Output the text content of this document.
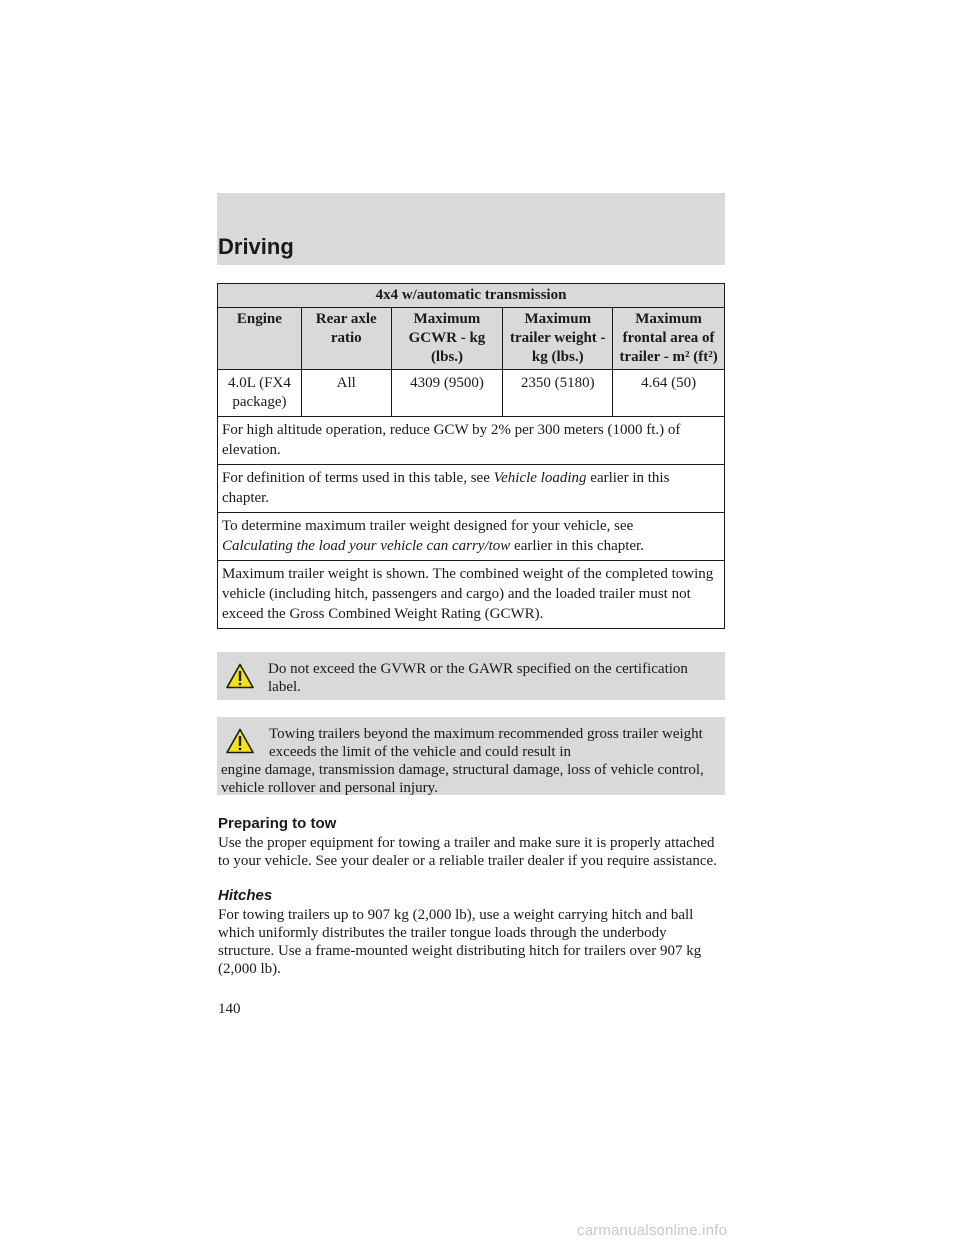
Driving
4x4 w/automatic transmission				
Engine	Rear axle ratio	Maximum GCWR - kg (lbs.)	Maximum trailer weight - kg (lbs.)	Maximum frontal area of trailer - m² (ft²)
4.0L (FX4 package)	All	4309 (9500)	2350 (5180)	4.64 (50)
For high altitude operation, reduce GCW by 2% per 300 meters (1000 ft.) of elevation.				
For definition of terms used in this table, see Vehicle loading earlier in this chapter.				
To determine maximum trailer weight designed for your vehicle, see
Calculating the load your vehicle can carry/tow earlier in this chapter.				
Maximum trailer weight is shown. The combined weight of the completed towing vehicle (including hitch, passengers and cargo) and the loaded trailer must not exceed the Gross Combined Weight Rating (GCWR).				
Do not exceed the GVWR or the GAWR specified on the certification label.
Towing trailers beyond the maximum recommended gross trailer weight exceeds the limit of the vehicle and could result in
engine damage, transmission damage, structural damage, loss of vehicle control, vehicle rollover and personal injury.
Preparing to tow

Use the proper equipment for towing a trailer and make sure it is properly attached to your vehicle. See your dealer or a reliable trailer dealer if you require assistance.

Hitches

For towing trailers up to 907 kg (2,000 lb), use a weight carrying hitch and ball which uniformly distributes the trailer tongue loads through the underbody structure. Use a frame-mounted weight distributing hitch for trailers over 907 kg (2,000 lb).

140

carmanualsonline.info
